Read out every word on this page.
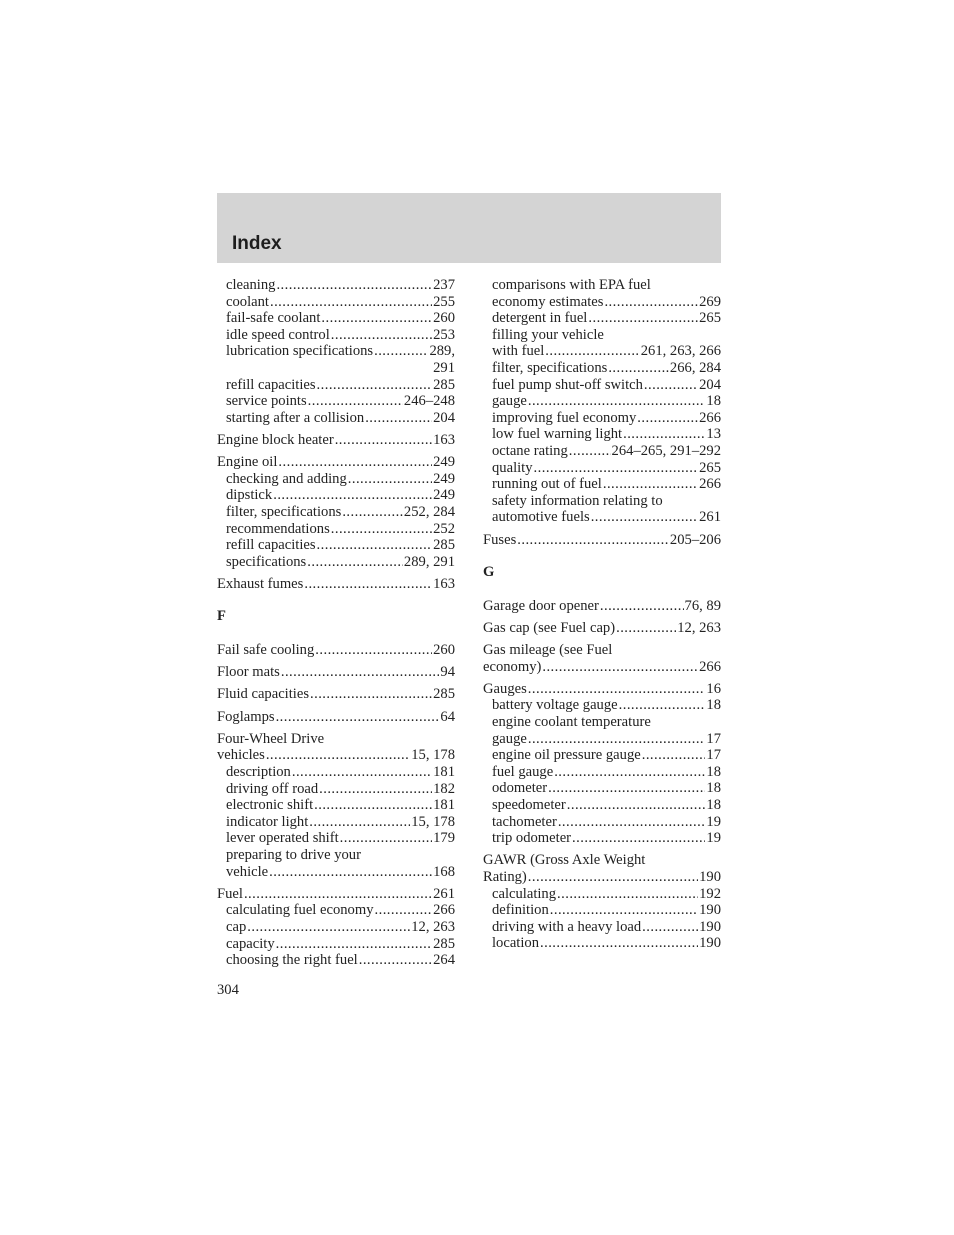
Index
cleaning . . .	237
coolant . . .	255
fail-safe coolant . . .	260
idle speed control . . .	253
lubrication specifications . . .	289,
291
refill capacities . . .	285
service points . . .	246–248
starting after a collision . . .	204
Engine block heater . . .	163
Engine oil . . .	249
checking and adding . . .	249
dipstick . . .	249
filter, specifications . . .	252, 284
recommendations . . .	252
refill capacities . . .	285
specifications . . .	289, 291
Exhaust fumes . . .	163
F
Fail safe cooling . . .	260
Floor mats . . .	94
Fluid capacities . . .	285
Foglamps . . .	64
Four-Wheel Drive
vehicles . . .	15, 178
description . . .	181
driving off road . . .	182
electronic shift . . .	181
indicator light . . .	15, 178
lever operated shift . . .	179
preparing to drive your
vehicle . . .	168
Fuel . . .	261
calculating fuel economy . . .	266
cap . . .	12, 263
capacity . . .	285
choosing the right fuel . . .	264
comparisons with EPA fuel
economy estimates . . .	269
detergent in fuel . . .	265
filling your vehicle
with fuel . . .	261, 263, 266
filter, specifications . . .	266, 284
fuel pump shut-off switch . . .	204
gauge . . .	18
improving fuel economy . . .	266
low fuel warning light . . .	13
octane rating . . .	264–265, 291–292
quality . . .	265
running out of fuel . . .	266
safety information relating to
automotive fuels . . .	261
Fuses . . .	205–206
G
Garage door opener . . .	76, 89
Gas cap (see Fuel cap) . . .	12, 263
Gas mileage (see Fuel
economy) . . .	266
Gauges . . .	16
battery voltage gauge . . .	18
engine coolant temperature
gauge . . .	17
engine oil pressure gauge . . .	17
fuel gauge . . .	18
odometer . . .	18
speedometer . . .	18
tachometer . . .	19
trip odometer . . .	19
GAWR (Gross Axle Weight
Rating) . . .	190
calculating . . .	192
definition . . .	190
driving with a heavy load . . .	190
location . . .	190
304
